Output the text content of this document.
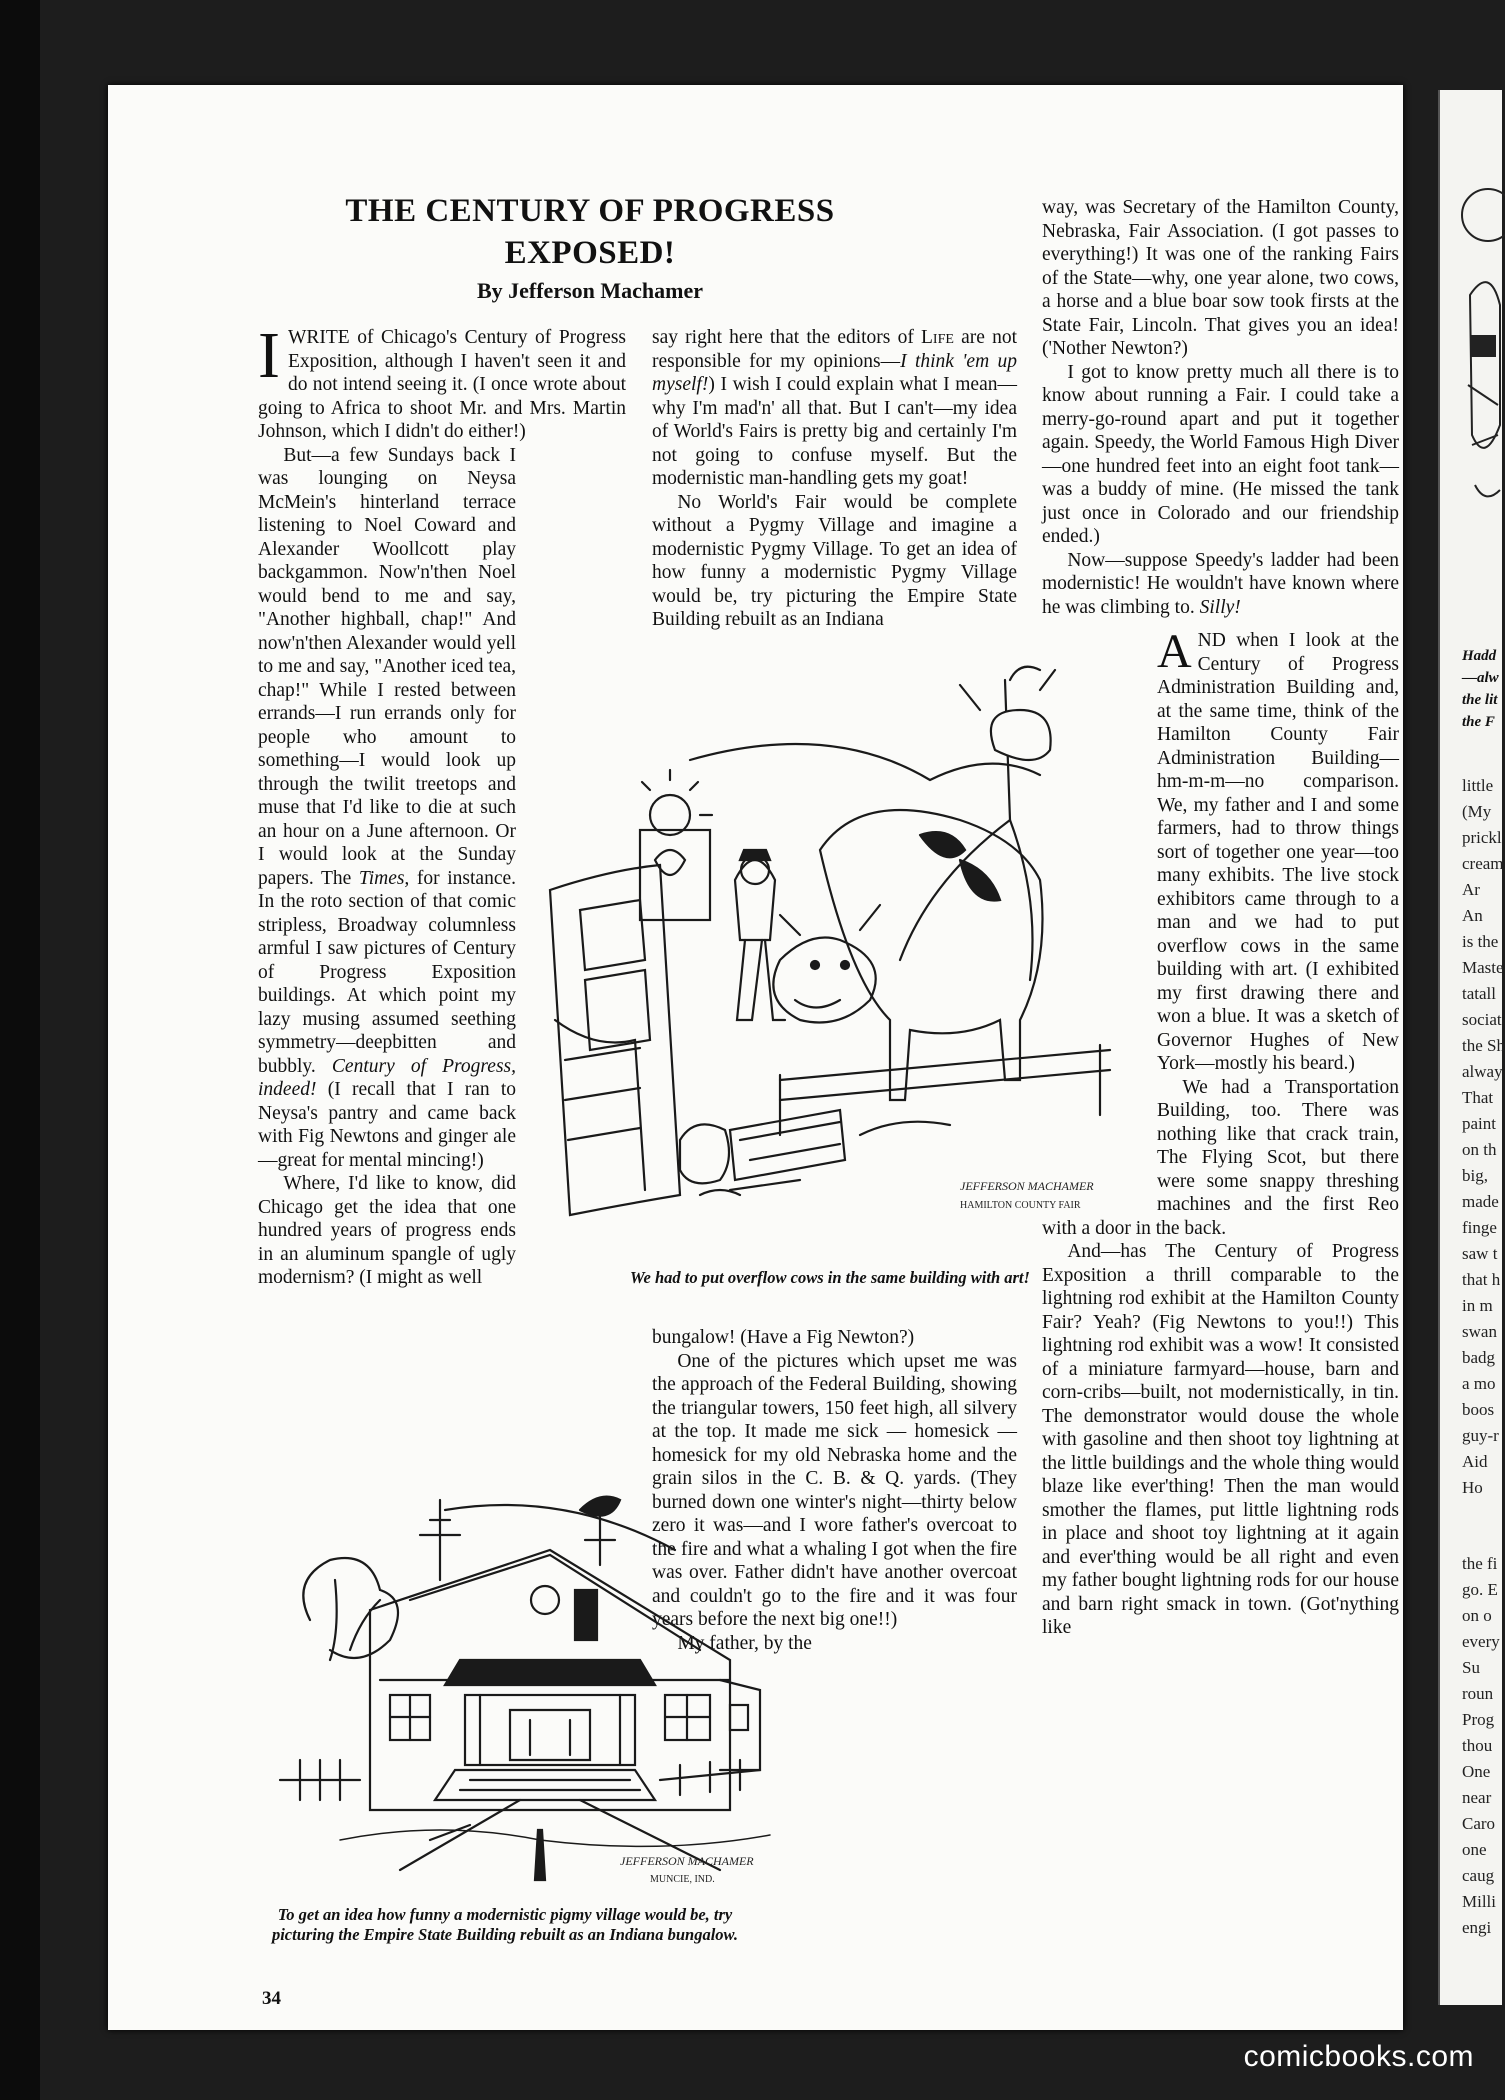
Hadd
—alw
the lit
the F
little
(My
prickl
cream
Ar
An
is the
Maste
tatall
sociat
the Sh
alway
That
paint
on th
big,
made
finge
saw t
that h
in m
swan
badg
a mo
boos
guy-r
Aid
Ho
the fi
go. E
on o
every
Su
roun
Prog
thou
One
near
Caro
one
caug
Milli
engi
THE CENTURY OF PROGRESS
EXPOSED!
By Jefferson Machamer

IWRITE of Chicago's Century of Progress Exposition, although I haven't seen it and do not intend seeing it. (I once wrote about going to Africa to shoot Mr. and Mrs. Martin Johnson, which I didn't do either!)

But—a few Sundays back I was lounging on Neysa McMein's hinterland terrace listening to Noel Coward and Alexander Woollcott play backgammon. Now'n'then Noel would bend to me and say, "Another highball, chap!" And now'n'then Alexander would yell to me and say, "Another iced tea, chap!" While I rested between errands—I run errands only for people who amount to something—I would look up through the twilit treetops and muse that I'd like to die at such an hour on a June afternoon. Or I would look at the Sunday papers. The Times, for instance. In the roto section of that comic stripless, Broadway columnless armful I saw pictures of Century of Progress Exposition buildings. At which point my lazy musing assumed seething symmetry—deepbitten and bubbly. Century of Progress, indeed! (I recall that I ran to Neysa's pantry and came back with Fig Newtons and ginger ale—great for mental mincing!)

Where, I'd like to know, did Chicago get the idea that one hundred years of progress ends in an aluminum spangle of ugly modernism? (I might as well

say right here that the editors of Life are not responsible for my opinions—I think 'em up myself!) I wish I could explain what I mean—why I'm mad'n' all that. But I can't—my idea of World's Fairs is pretty big and certainly I'm not going to confuse myself. But the modernistic man-handling gets my goat!

No World's Fair would be complete without a Pygmy Village and imagine a modernistic Pygmy Village. To get an idea of how funny a modernistic Pygmy Village would be, try picturing the Empire State Building rebuilt as an Indiana

bungalow! (Have a Fig Newton?)

One of the pictures which upset me was the approach of the Federal Building, showing the triangular towers, 150 feet high, all silvery at the top. It made me sick — homesick — homesick for my old Nebraska home and the grain silos in the C. B. & Q. yards. (They burned down one winter's night—thirty below zero it was—and I wore father's overcoat to the fire and what a whaling I got when the fire was over. Father didn't have another overcoat and couldn't go to the fire and it was four years before the next big one!!)

My father, by the

way, was Secretary of the Hamilton County, Nebraska, Fair Association. (I got passes to everything!) It was one of the ranking Fairs of the State—why, one year alone, two cows, a horse and a blue boar sow took firsts at the State Fair, Lincoln. That gives you an idea! ('Nother Newton?)

I got to know pretty much all there is to know about running a Fair. I could take a merry-go-round apart and put it together again. Speedy, the World Famous High Diver—one hundred feet into an eight foot tank—was a buddy of mine. (He missed the tank just once in Colorado and our friendship ended.)

Now—suppose Speedy's ladder had been modernistic! He wouldn't have known where he was climbing to. Silly!

AND when I look at the Century of Progress Administration Building and, at the same time, think of the Hamilton County Fair Administration Building—hm-m-m—no comparison. We, my father and I and some farmers, had to throw things sort of together one year—too many exhibits. The live stock exhibitors came through to a man and we had to put overflow cows in the same building with art. (I exhibited my first drawing there and won a blue. It was a sketch of Governor Hughes of New York—mostly his beard.)

We had a Transportation Building, too. There was nothing like that crack train, The Flying Scot, but there were some snappy threshing machines and the first Reo with a door in the back.

And—has The Century of Progress Exposition a thrill comparable to the lightning rod exhibit at the Hamilton County Fair? Yeah? (Fig Newtons to you!!) This lightning rod exhibit was a wow! It consisted of a miniature farmyard—house, barn and corn-cribs—built, not modernistically, in tin. The demonstrator would douse the whole with gasoline and then shoot toy lightning at the little buildings and the whole thing would blaze like ever'thing! Then the man would smother the flames, put little lightning rods in place and shoot toy lightning at it again and ever'thing would be all right and even my father bought lightning rods for our house and barn right smack in town. (Got'nything like

JEFFERSON MACHAMER
HAMILTON COUNTY FAIR
We had to put overflow cows in the same building with art!
JEFFERSON MACHAMER
MUNCIE, IND.
To get an idea how funny a modernistic pigmy village would be, try picturing the Empire State Building rebuilt as an Indiana bungalow.
34
comicbooks.com
